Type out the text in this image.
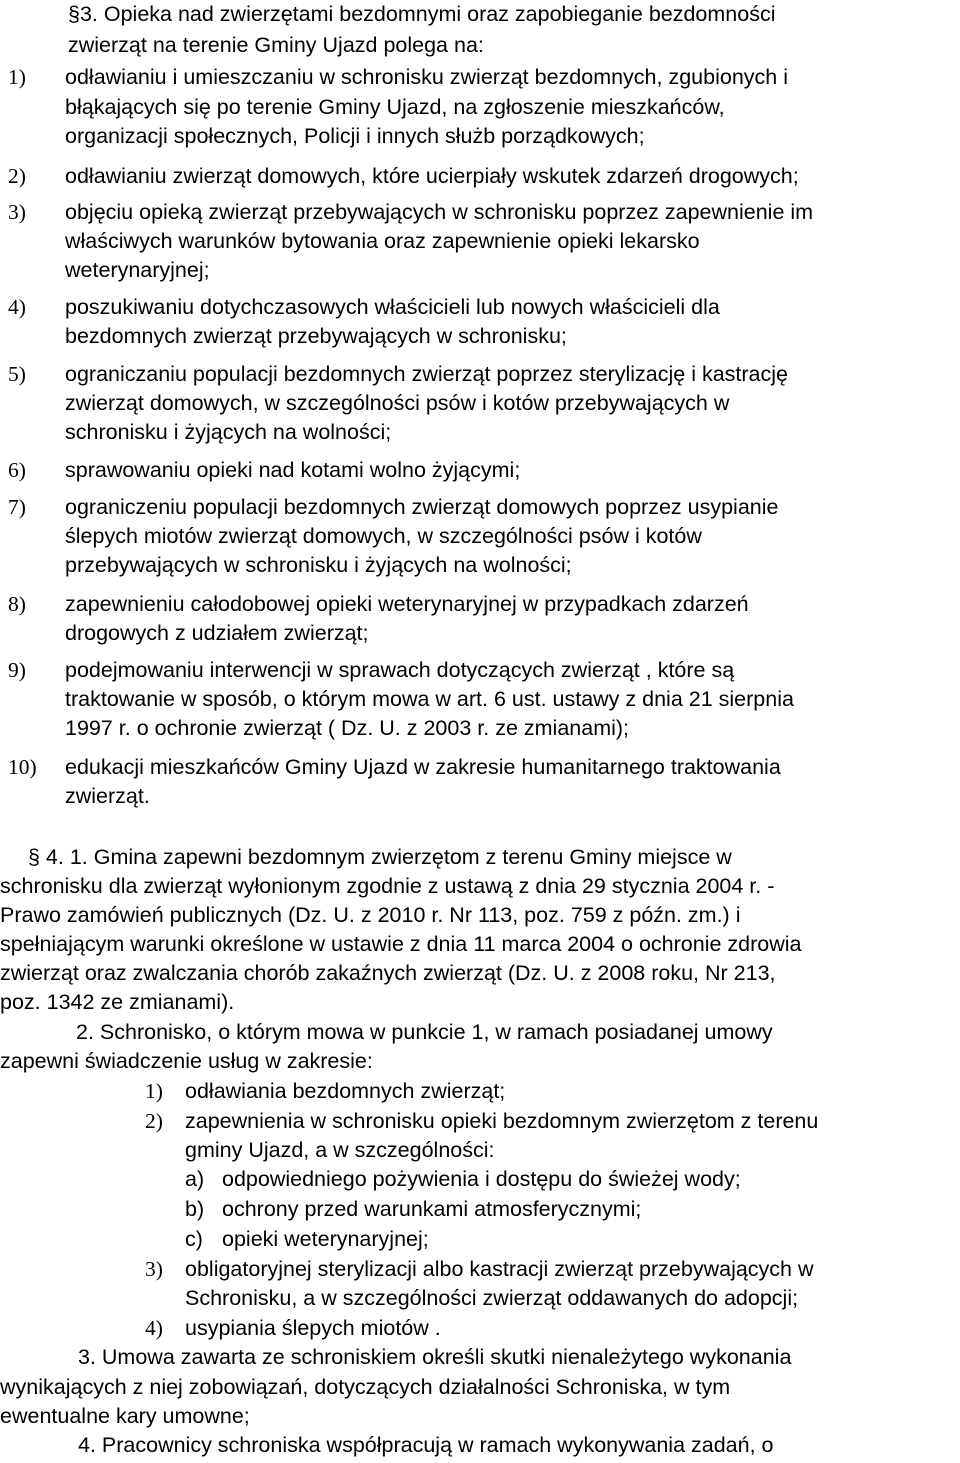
§3. Opieka nad zwierzętami bezdomnymi oraz zapobieganie bezdomności
zwierząt na terenie Gminy Ujazd polega na:
1) odławianiu i umieszczaniu w schronisku zwierząt bezdomnych, zgubionych i
błąkających się po terenie Gminy Ujazd, na zgłoszenie mieszkańców,
organizacji społecznych, Policji i innych służb porządkowych;
2) odławianiu zwierząt domowych, które ucierpiały wskutek zdarzeń drogowych;
3) objęciu opieką zwierząt przebywających w schronisku poprzez zapewnienie im
właściwych warunków bytowania oraz zapewnienie opieki lekarsko
weterynaryjnej;
4) poszukiwaniu dotychczasowych właścicieli lub nowych właścicieli dla
bezdomnych zwierząt przebywających w schronisku;
5) ograniczaniu populacji bezdomnych zwierząt poprzez sterylizację i kastrację
zwierząt domowych, w szczególności psów i kotów przebywających w
schronisku i żyjących na wolności;
6) sprawowaniu opieki nad kotami wolno żyjącymi;
7) ograniczeniu populacji bezdomnych zwierząt domowych poprzez usypianie
ślepych miotów zwierząt domowych, w szczególności psów i kotów
przebywających w schronisku i żyjących na wolności;
8) zapewnieniu całodobowej opieki weterynaryjnej w przypadkach zdarzeń
drogowych z udziałem zwierząt;
9) podejmowaniu interwencji w sprawach dotyczących zwierząt , które są
traktowanie w sposób, o którym mowa w art. 6 ust. ustawy z dnia 21 sierpnia
1997 r. o ochronie zwierząt ( Dz. U. z 2003 r. ze zmianami);
10) edukacji mieszkańców Gminy Ujazd w zakresie humanitarnego traktowania
zwierząt.
§ 4. 1. Gmina zapewni bezdomnym zwierzętom z terenu Gminy miejsce w
schronisku dla zwierząt wyłonionym zgodnie z ustawą z dnia 29 stycznia 2004 r. -
Prawo zamówień publicznych (Dz. U. z 2010 r. Nr 113, poz. 759 z późn. zm.) i
spełniającym warunki określone w ustawie z dnia 11 marca 2004 o ochronie zdrowia
zwierząt oraz zwalczania chorób zakaźnych zwierząt (Dz. U. z 2008 roku, Nr 213,
poz. 1342 ze zmianami).
2. Schronisko, o którym mowa w punkcie 1, w ramach posiadanej umowy
zapewni świadczenie usług w zakresie:
1) odławiania bezdomnych zwierząt;
2) zapewnienia w schronisku opieki bezdomnym zwierzętom z terenu
gminy Ujazd, a w szczególności:
a) odpowiedniego pożywienia i dostępu do świeżej wody;
b) ochrony przed warunkami atmosferycznymi;
c) opieki weterynaryjnej;
3) obligatoryjnej sterylizacji albo kastracji zwierząt przebywających w
Schronisku, a w szczególności zwierząt oddawanych do adopcji;
4) usypiania ślepych miotów .
3. Umowa zawarta ze schroniskiem określi skutki nienależytego wykonania
wynikających z niej zobowiązań, dotyczących działalności Schroniska, w tym
ewentualne kary umowne;
4. Pracownicy schroniska współpracują w ramach wykonywania zadań, o
